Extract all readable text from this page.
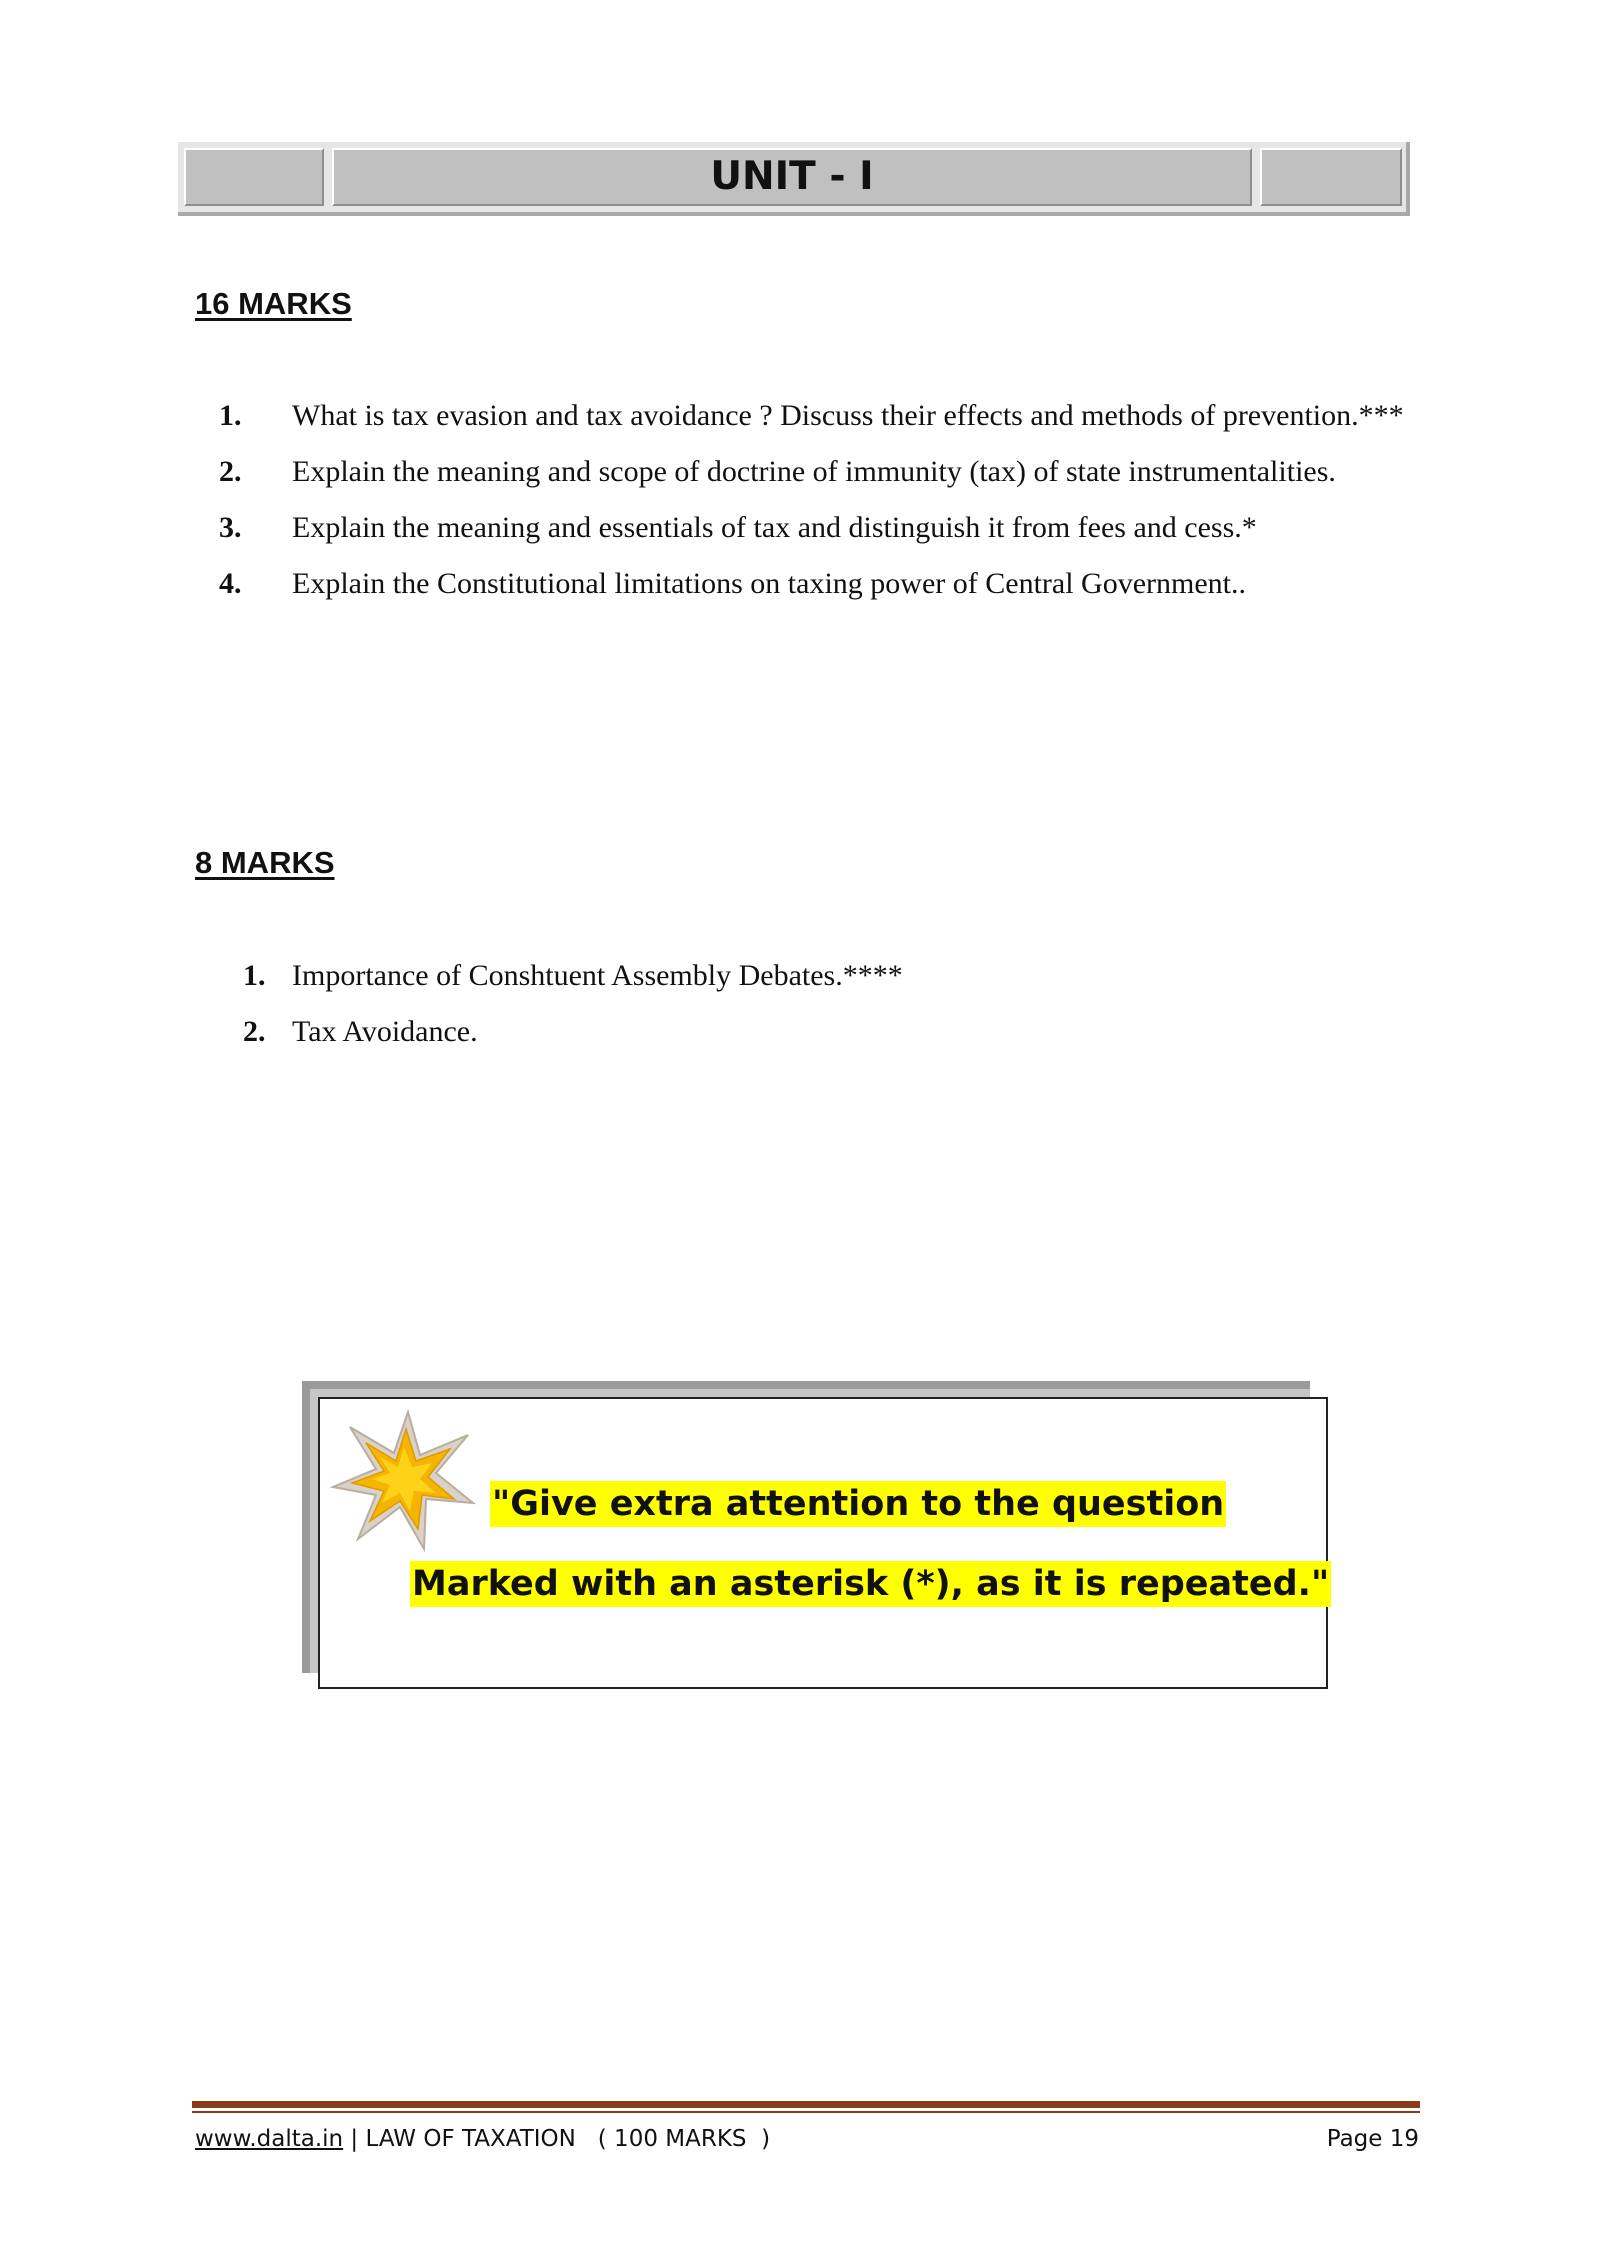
UNIT - I
16 MARKS
1. What is tax evasion and tax avoidance ? Discuss their effects and methods of prevention.***
2. Explain the meaning and scope of doctrine of immunity (tax) of state instrumentalities.
3. Explain the meaning and essentials of tax and distinguish it from fees and cess.*
4. Explain the Constitutional limitations on taxing power of Central Government..
8 MARKS
1. Importance of Conshtuent Assembly Debates.****
2. Tax Avoidance.
"Give extra attention to the question
Marked with an asterisk (*), as it is repeated."
www.dalta.in | LAW OF TAXATION   ( 100 MARKS  )	Page 19
